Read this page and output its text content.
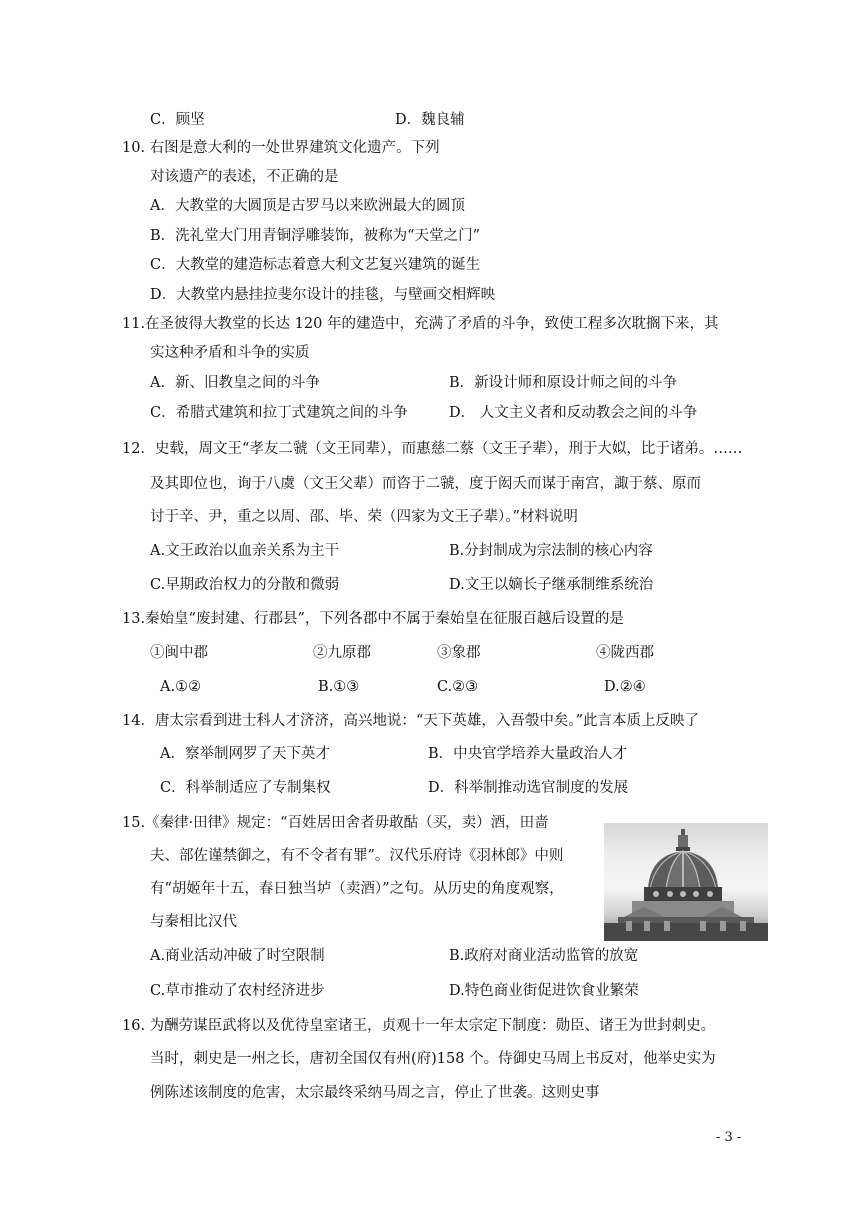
C．顾坚	D．魏良辅
10. 右图是意大利的一处世界建筑文化遗产。下列
对该遗产的表述，不正确的是
A．大教堂的大圆顶是古罗马以来欧洲最大的圆顶
B．洗礼堂大门用青铜浮雕装饰，被称为“天堂之门”
C．大教堂的建造标志着意大利文艺复兴建筑的诞生
D．大教堂内悬挂拉斐尔设计的挂毯，与壁画交相辉映
11.在圣彼得大教堂的长达 120 年的建造中，充满了矛盾的斗争，致使工程多次耽搁下来，其
实这种矛盾和斗争的实质
A．新、旧教皇之间的斗争	B．新设计师和原设计师之间的斗争
C．希腊式建筑和拉丁式建筑之间的斗争	D． 人文主义者和反动教会之间的斗争
12．史载，周文王“孝友二虢（文王同辈），而惠慈二蔡（文王子辈），刑于大姒，比于诸弟。……
及其即位也，询于八虞（文王父辈）而咨于二虢，度于闳夭而谋于南宫，諏于蔡、原而
讨于辛、尹，重之以周、邵、毕、荣（四家为文王子辈）。”材料说明
A.文王政治以血亲关系为主干	B.分封制成为宗法制的核心内容
C.早期政治权力的分散和微弱	D.文王以嫡长子继承制维系统治
13.秦始皇“废封建、行郡县”，下列各郡中不属于秦始皇在征服百越后设置的是
①闽中郡	②九原郡	③象郡	④陇西郡
A.①②	B.①③	C.②③	D.②④
14．唐太宗看到进士科人才济济，高兴地说：“天下英雄，入吾彀中矣。”此言本质上反映了
A．察举制网罗了天下英才	B．中央官学培养大量政治人才
C．科举制适应了专制集权	D．科举制推动选官制度的发展
15.《秦律·田律》规定：“百姓居田舍者毋敢酤（买，卖）酒，田啬
夫、部佐谨禁御之，有不令者有罪”。汉代乐府诗《羽林郎》中则
有“胡姬年十五，春日独当垆（卖酒）”之句。从历史的角度观察，
与秦相比汉代
A.商业活动冲破了时空限制	B.政府对商业活动监管的放宽
C.草市推动了农村经济进步	D.特色商业街促进饮食业繁荣
16. 为酬劳谋臣武将以及优待皇室诸王，贞观十一年太宗定下制度：勋臣、诸王为世封刺史。
当时，刺史是一州之长，唐初全国仅有州(府)158 个。侍御史马周上书反对，他举史实为
例陈述该制度的危害，太宗最终采纳马周之言，停止了世袭。这则史事
- 3 -
